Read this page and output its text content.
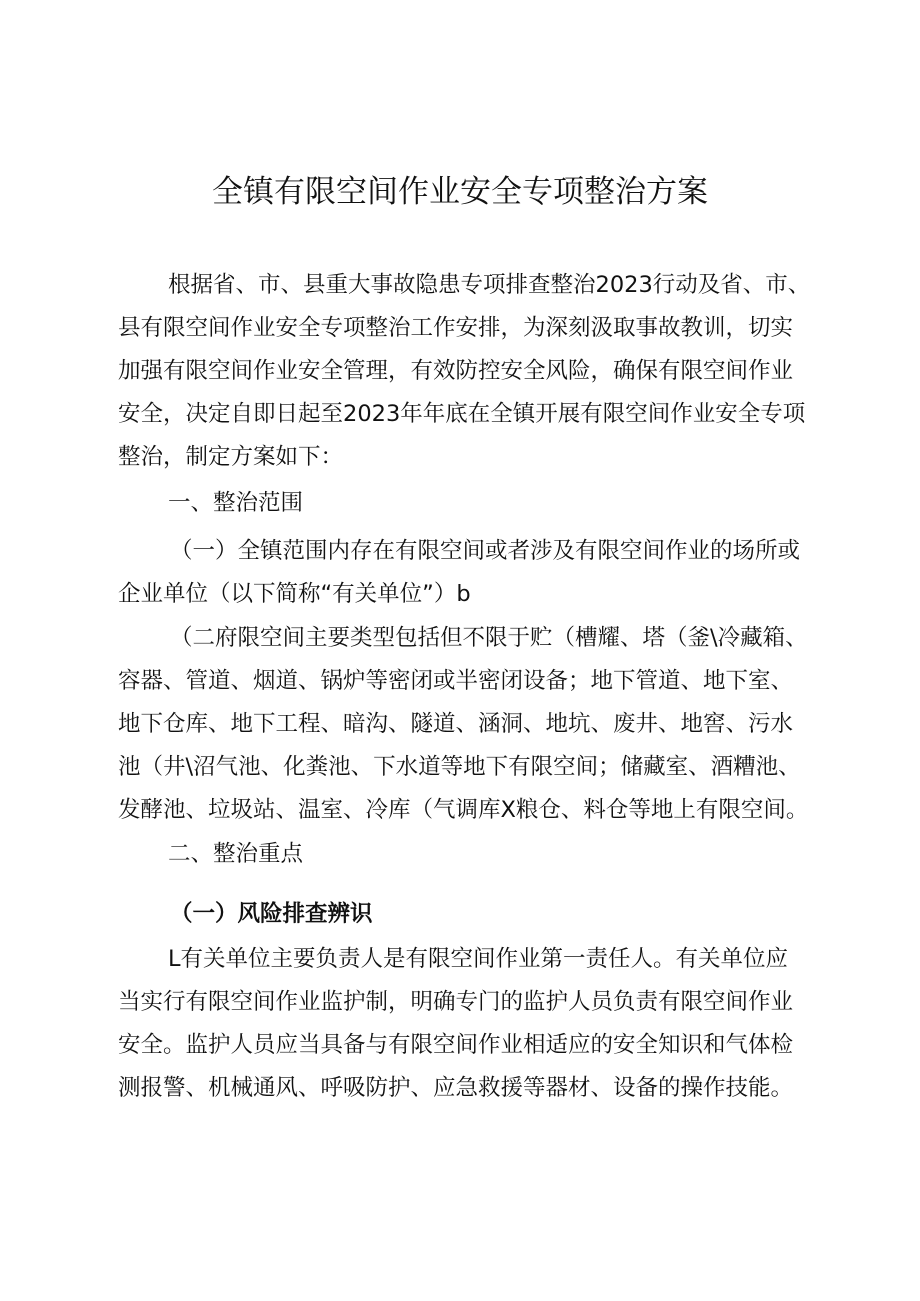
全镇有限空间作业安全专项整治方案
根据省、市、县重大事故隐患专项排查整治2023行动及省、市、
县有限空间作业安全专项整治工作安排，为深刻汲取事故教训，切实
加强有限空间作业安全管理，有效防控安全风险，确保有限空间作业
安全，决定自即日起至2023年年底在全镇开展有限空间作业安全专项
整治，制定方案如下：
一、整治范围
（一）全镇范围内存在有限空间或者涉及有限空间作业的场所或
企业单位（以下简称“有关单位”）b
（二府限空间主要类型包括但不限于贮（槽耀、塔（釜\冷藏箱、
容器、管道、烟道、锅炉等密闭或半密闭设备；地下管道、地下室、
地下仓库、地下工程、暗沟、隧道、涵洞、地坑、废井、地窖、污水
池（井\沼气池、化粪池、下水道等地下有限空间；储藏室、酒糟池、
发酵池、垃圾站、温室、冷库（气调库X粮仓、料仓等地上有限空间。
二、整治重点
（一）风险排查辨识
L有关单位主要负责人是有限空间作业第一责任人。有关单位应
当实行有限空间作业监护制，明确专门的监护人员负责有限空间作业
安全。监护人员应当具备与有限空间作业相适应的安全知识和气体检
测报警、机械通风、呼吸防护、应急救援等器材、设备的操作技能。
